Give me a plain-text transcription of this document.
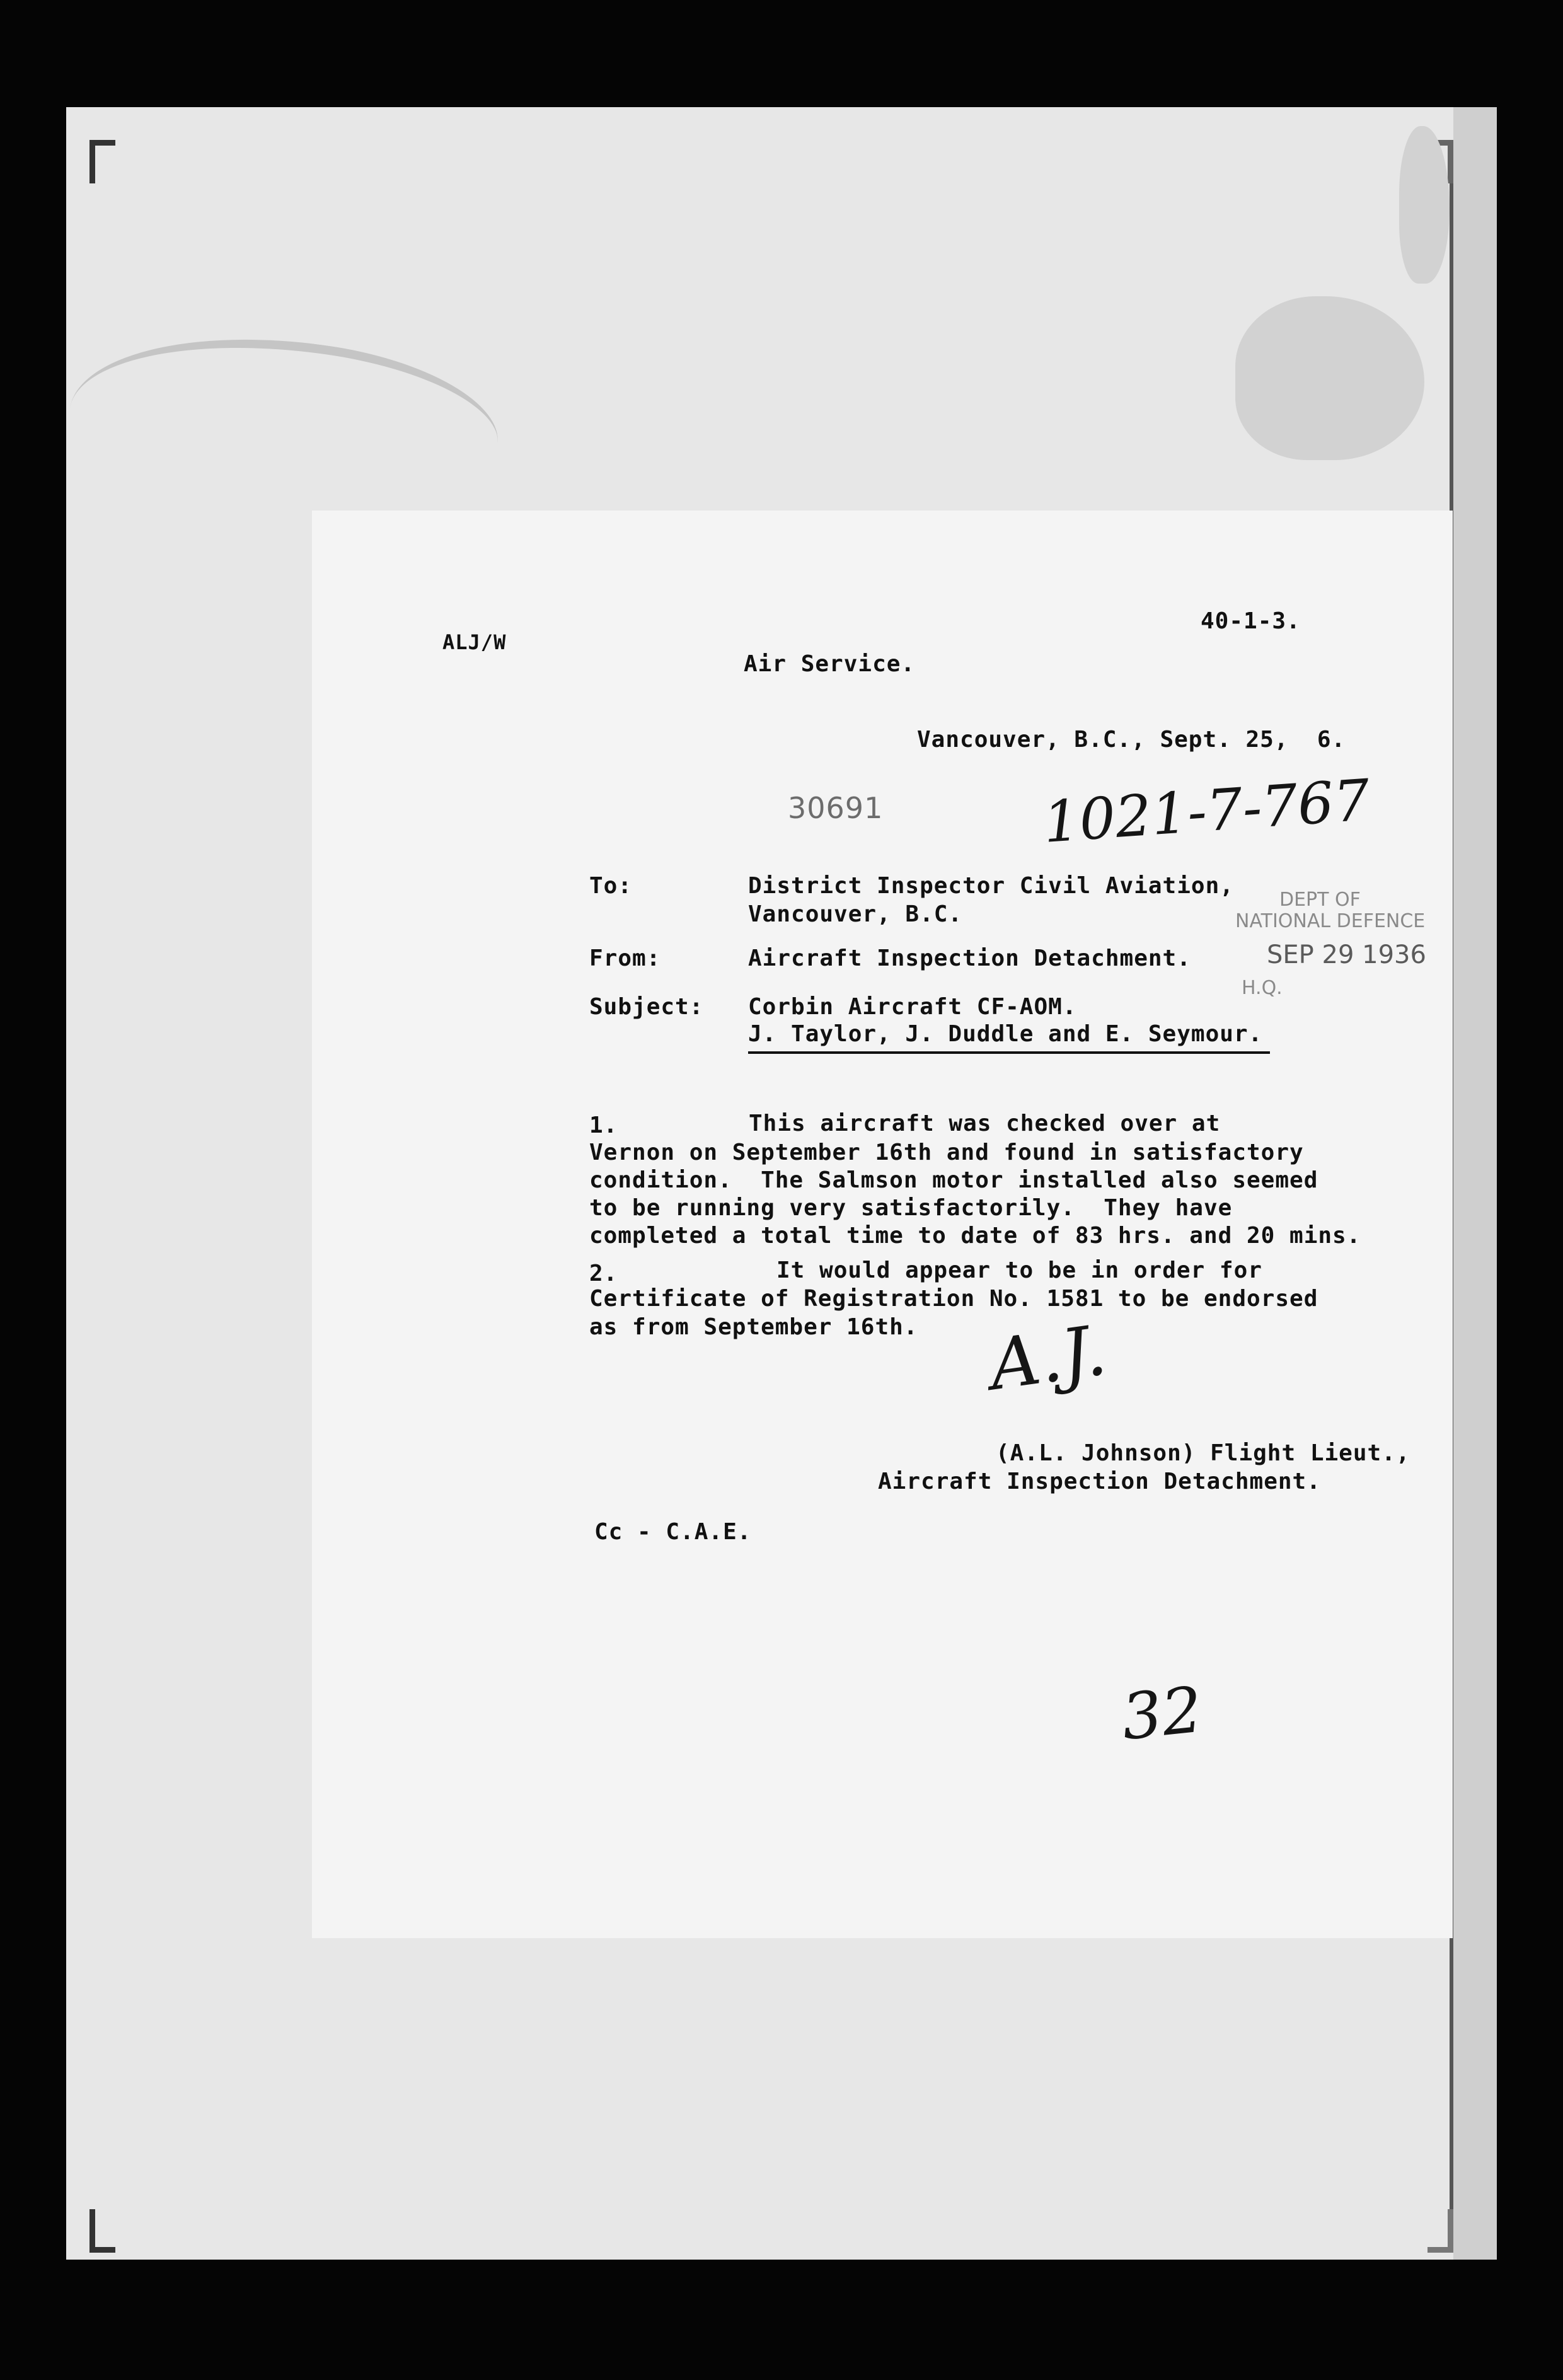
ALJ/W

40-1-3.

Air Service.

Vancouver, B.C., Sept. 25,  6.

30691	1021-7-767

To:	District Inspector Civil Aviation,

Vancouver, B.C.

From:	Aircraft Inspection Detachment.

Subject: Corbin Aircraft CF-AOM.

J. Taylor, J. Duddle and E. Seymour.

DEPT OF
NATIONAL DEFENCE
SEP 29 1936
H.Q.

1.	This aircraft was checked over at

Vernon on September 16th and found in satisfactory

condition.  The Salmson motor installed also seemed

to be running very satisfactorily.  They have

completed a total time to date of 83 hrs. and 20 mins.

2.	It would appear to be in order for

Certificate of Registration No. 1581 to be endorsed

as from September 16th. A.J.

(A.L. Johnson) Flight Lieut.,

Aircraft Inspection Detachment.

Cc - C.A.E.

32
